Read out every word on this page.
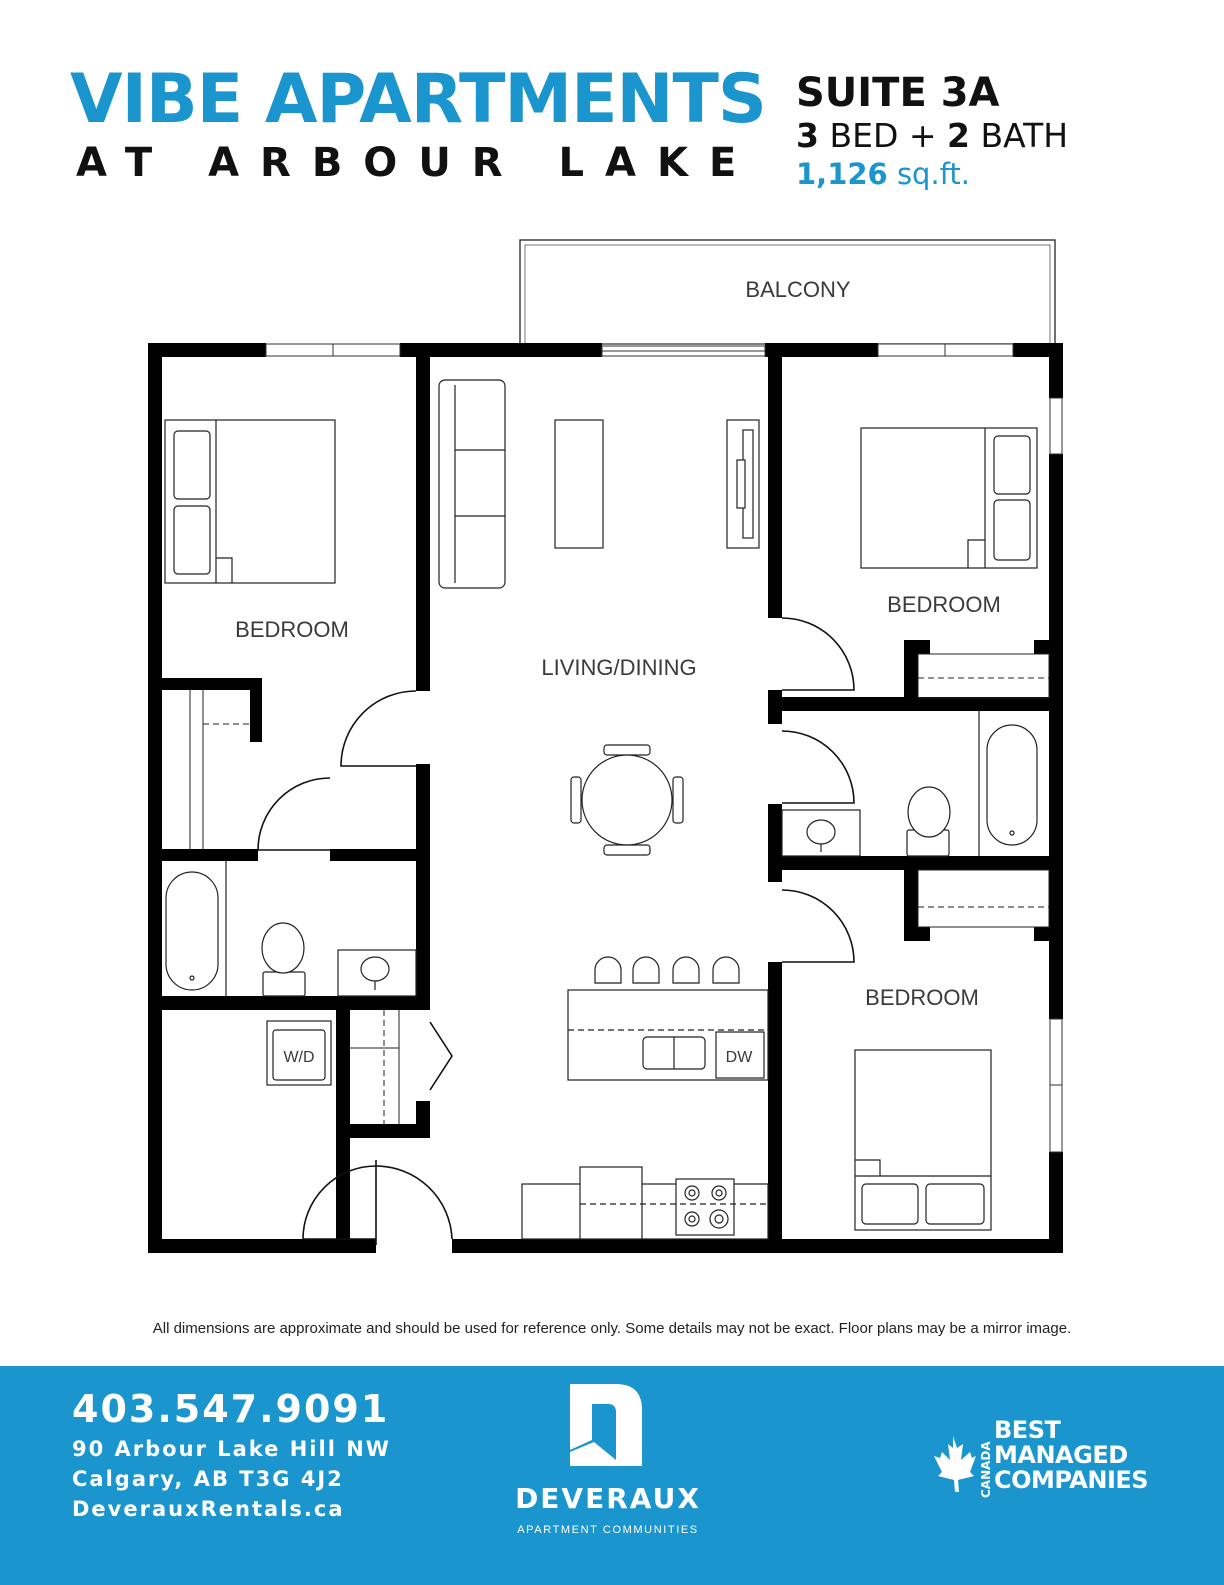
VIBE APARTMENTS
AT ARBOUR LAKE
SUITE 3A
3 BED + 2 BATH
1,126 sq.ft.
BALCONY
BEDROOM
LIVING/DINING
BEDROOM
BEDROOM
W/D	DW
All dimensions are approximate and should be used for reference only. Some details may not be exact. Floor plans may be a mirror image.
403.547.9091
90 Arbour Lake Hill NW
Calgary, AB T3G 4J2
DeverauxRentals.ca	DEVERAUX
APARTMENT COMMUNITIES
CANADA
BEST
MANAGED
COMPANIES
